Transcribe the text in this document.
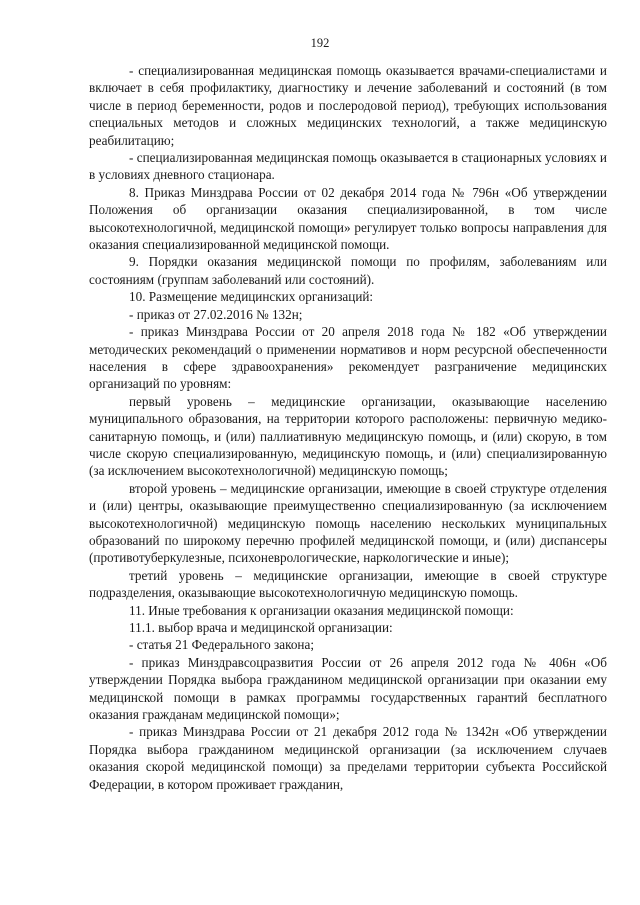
192

- специализированная медицинская помощь оказывается врачами-специалистами и включает в себя профилактику, диагностику и лечение заболеваний и состояний (в том числе в период беременности, родов и послеродовой период), требующих использования специальных методов и сложных медицинских технологий, а также медицинскую реабилитацию;

- специализированная медицинская помощь оказывается в стационарных условиях и в условиях дневного стационара.

8. Приказ Минздрава России от 02 декабря 2014 года № 796н «Об утверждении Положения об организации оказания специализированной, в том числе высокотехнологичной, медицинской помощи» регулирует только вопросы направления для оказания специализированной медицинской помощи.

9. Порядки оказания медицинской помощи по профилям, заболеваниям или состояниям (группам заболеваний или состояний).

10. Размещение медицинских организаций:

- приказ от 27.02.2016 № 132н;

- приказ Минздрава России от 20 апреля 2018 года № 182 «Об утверждении методических рекомендаций о применении нормативов и норм ресурсной обеспеченности населения в сфере здравоохранения» рекомендует разграничение медицинских организаций по уровням:

первый уровень – медицинские организации, оказывающие населению муниципального образования, на территории которого расположены: первичную медико-санитарную помощь, и (или) паллиативную медицинскую помощь, и (или) скорую, в том числе скорую специализированную, медицинскую помощь, и (или) специализированную (за исключением высокотехнологичной) медицинскую помощь;

второй уровень – медицинские организации, имеющие в своей структуре отделения и (или) центры, оказывающие преимущественно специализированную (за исключением высокотехнологичной) медицинскую помощь населению нескольких муниципальных образований по широкому перечню профилей медицинской помощи, и (или) диспансеры (противотуберкулезные, психоневрологические, наркологические и иные);

третий уровень – медицинские организации, имеющие в своей структуре подразделения, оказывающие высокотехнологичную медицинскую помощь.

11. Иные требования к организации оказания медицинской помощи:

11.1. выбор врача и медицинской организации:

- статья 21 Федерального закона;

- приказ Минздравсоцразвития России от 26 апреля 2012 года № 406н «Об утверждении Порядка выбора гражданином медицинской организации при оказании ему медицинской помощи в рамках программы государственных гарантий бесплатного оказания гражданам медицинской помощи»;

- приказ Минздрава России от 21 декабря 2012 года № 1342н «Об утверждении Порядка выбора гражданином медицинской организации (за исключением случаев оказания скорой медицинской помощи) за пределами территории субъекта Российской Федерации, в котором проживает гражданин,
